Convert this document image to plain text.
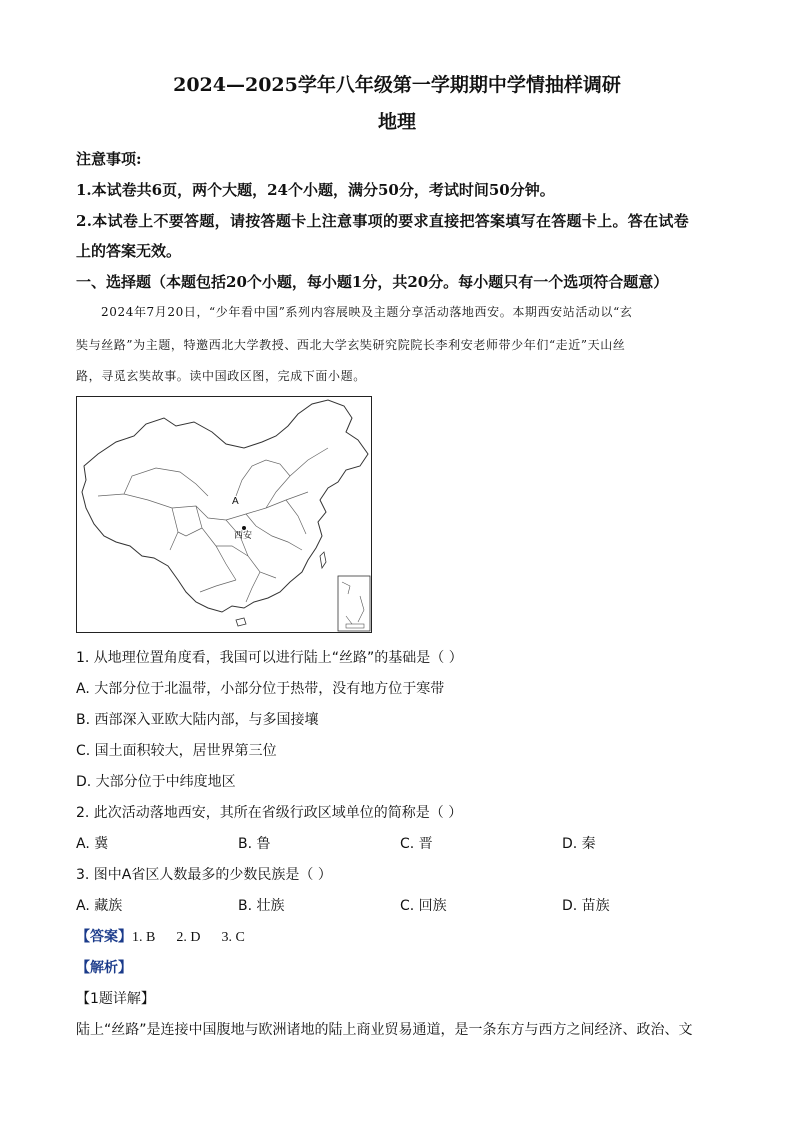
2024—2025学年八年级第一学期期中学情抽样调研
地理
注意事项:
1.本试卷共6页，两个大题，24个小题，满分50分，考试时间50分钟。
2.本试卷上不要答题，请按答题卡上注意事项的要求直接把答案填写在答题卡上。答在试卷
上的答案无效。
一、选择题（本题包括20个小题，每小题1分，共20分。每小题只有一个选项符合题意）
2024年7月20日，“少年看中国”系列内容展映及主题分享活动落地西安。本期西安站活动以“玄
奘与丝路”为主题，特邀西北大学教授、西北大学玄奘研究院院长李利安老师带少年们“走近”天山丝
路，寻觅玄奘故事。读中国政区图，完成下面小题。
A
西安
1. 从地理位置角度看，我国可以进行陆上“丝路”的基础是（ ）
A. 大部分位于北温带，小部分位于热带，没有地方位于寒带
B. 西部深入亚欧大陆内部，与多国接壤
C. 国土面积较大，居世界第三位
D. 大部分位于中纬度地区
2. 此次活动落地西安，其所在省级行政区域单位的简称是（ ）
A. 冀	B. 鲁	C. 晋	D. 秦
3. 图中A省区人数最多的少数民族是（ ）
A. 藏族	B. 壮族	C. 回族	D. 苗族
【答案】1. B      2. D      3. C
【解析】
【1题详解】
陆上“丝路”是连接中国腹地与欧洲诸地的陆上商业贸易通道，是一条东方与西方之间经济、政治、文
